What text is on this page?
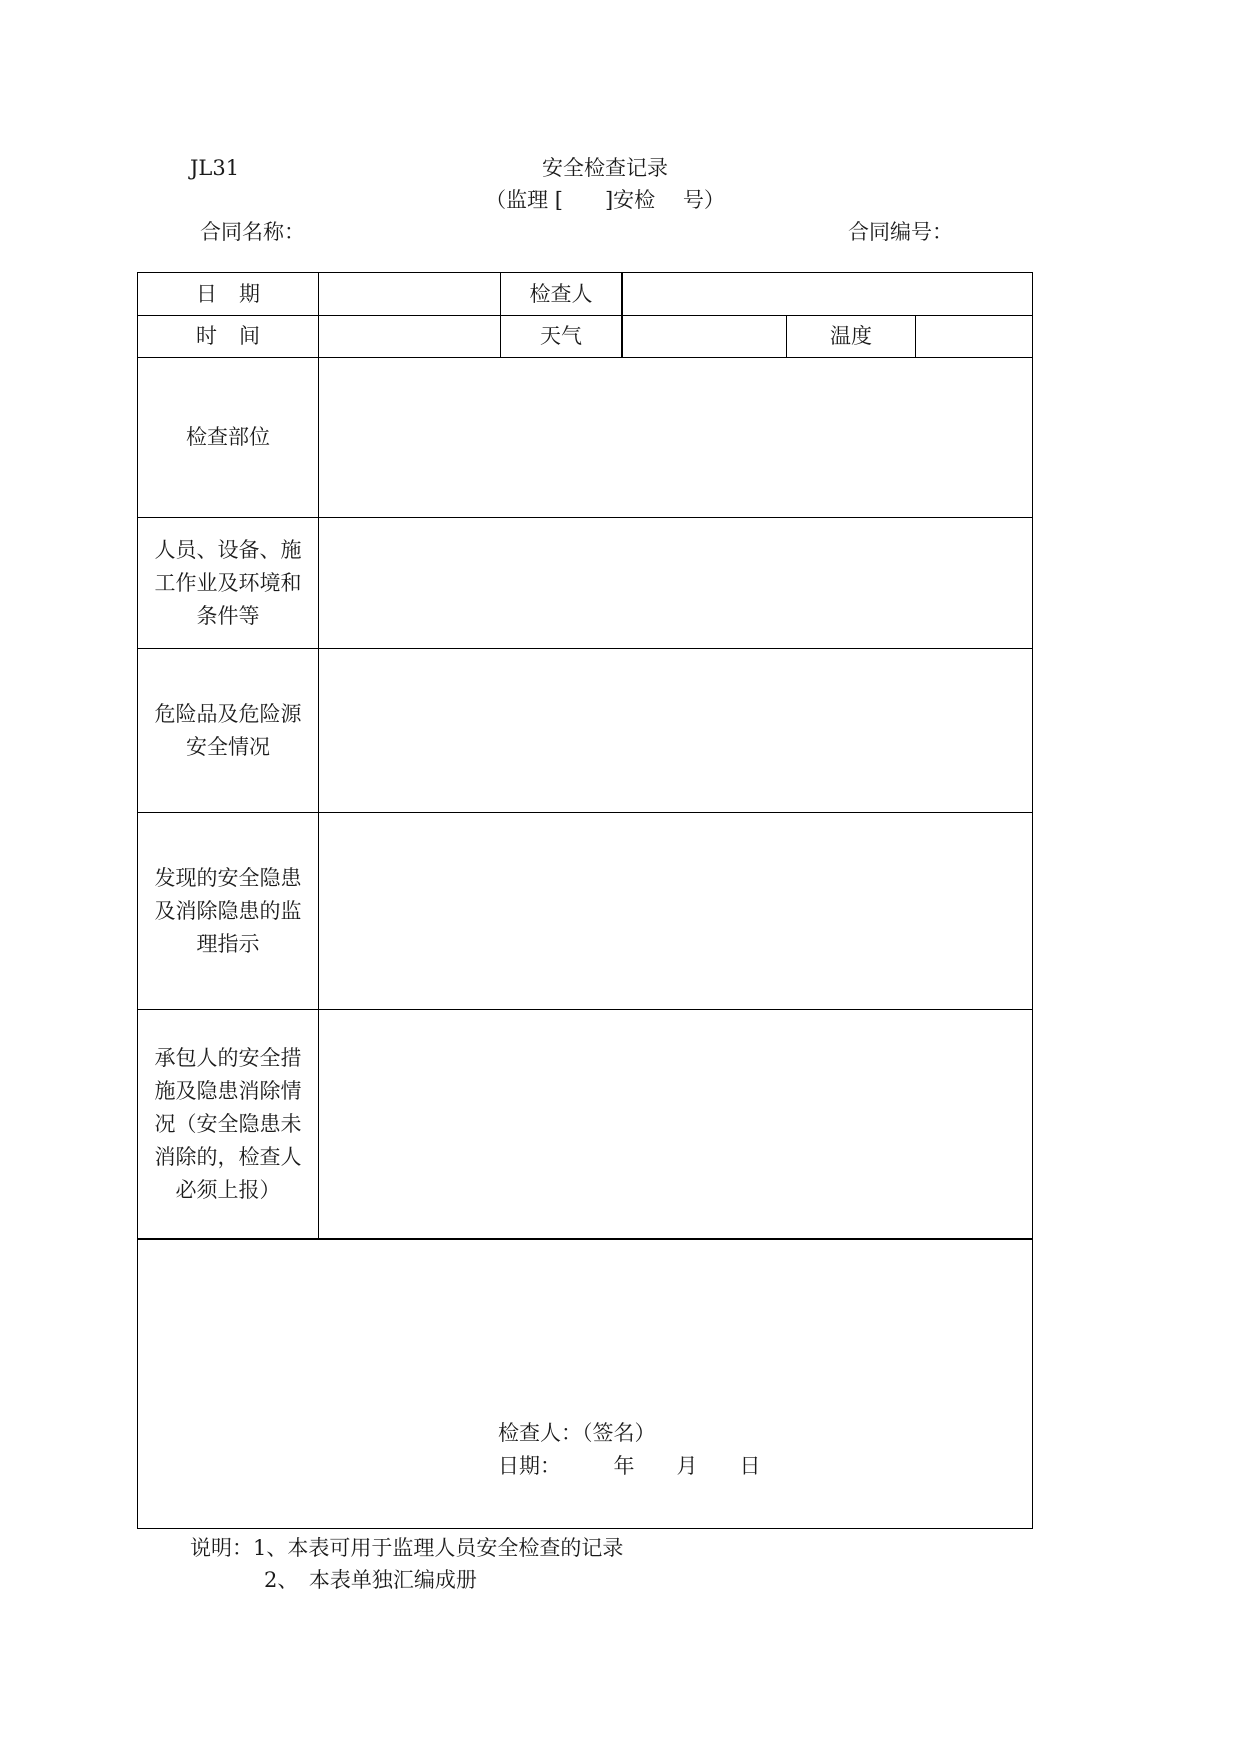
JL31	安全检查记录
（监理 [　　]安检　 号）
合同名称：	合同编号：
日期	检查人
时间	天气	温度
检查部位
人员、设备、施工作业及环境和条件等
危险品及危险源安全情况
发现的安全隐患及消除隐患的监理指示
承包人的安全措施及隐患消除情况（安全隐患未消除的，检查人必须上报）
检查人：（签名）
日期：　　　年　　月　　日
说明：1、本表可用于监理人员安全检查的记录
2、　本表单独汇编成册
